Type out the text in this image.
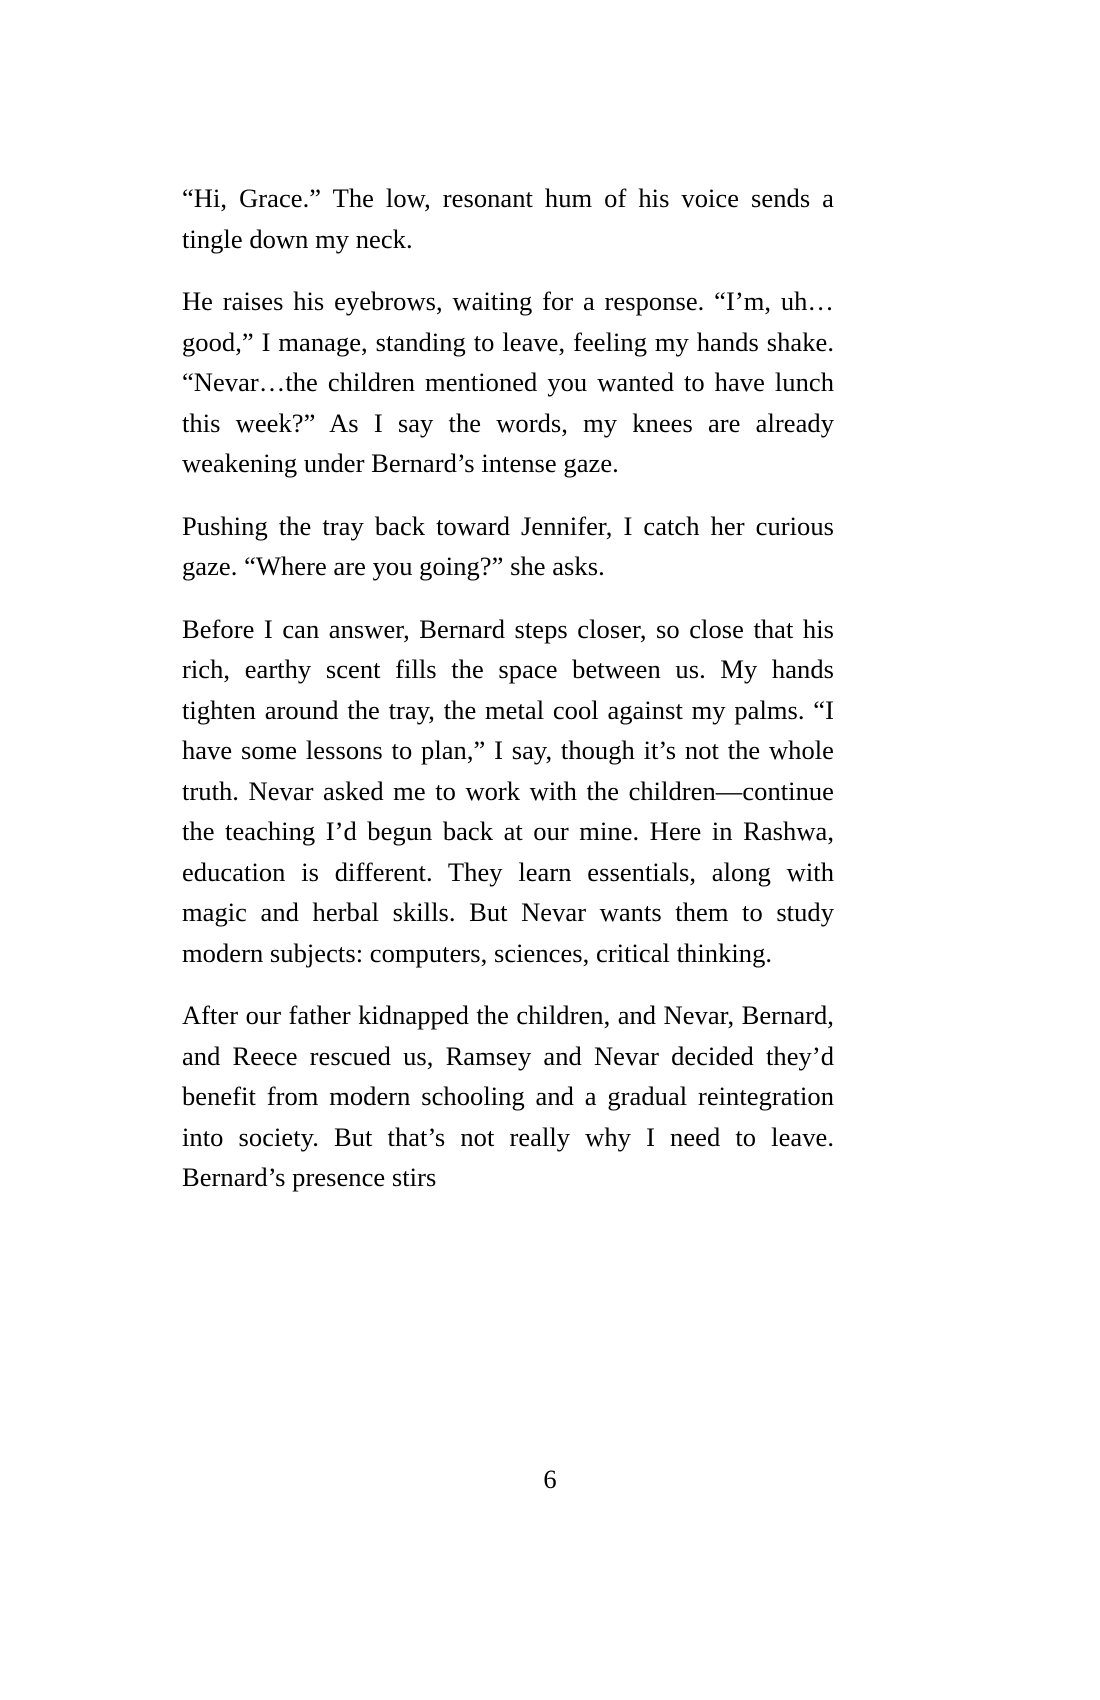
“Hi, Grace.” The low, resonant hum of his voice sends a tingle down my neck.

He raises his eyebrows, waiting for a response. “I’m, uh…good,” I manage, standing to leave, feeling my hands shake. “Nevar…the children mentioned you wanted to have lunch this week?” As I say the words, my knees are already weakening under Bernard’s intense gaze.

Pushing the tray back toward Jennifer, I catch her curious gaze. “Where are you going?” she asks.

Before I can answer, Bernard steps closer, so close that his rich, earthy scent fills the space between us. My hands tighten around the tray, the metal cool against my palms. “I have some lessons to plan,” I say, though it’s not the whole truth. Nevar asked me to work with the children—continue the teaching I’d begun back at our mine. Here in Rashwa, education is different. They learn essentials, along with magic and herbal skills. But Nevar wants them to study modern subjects: computers, sciences, critical thinking.

After our father kidnapped the children, and Nevar, Bernard, and Reece rescued us, Ramsey and Nevar decided they’d benefit from modern schooling and a gradual reintegration into society. But that’s not really why I need to leave. Bernard’s presence stirs

6
